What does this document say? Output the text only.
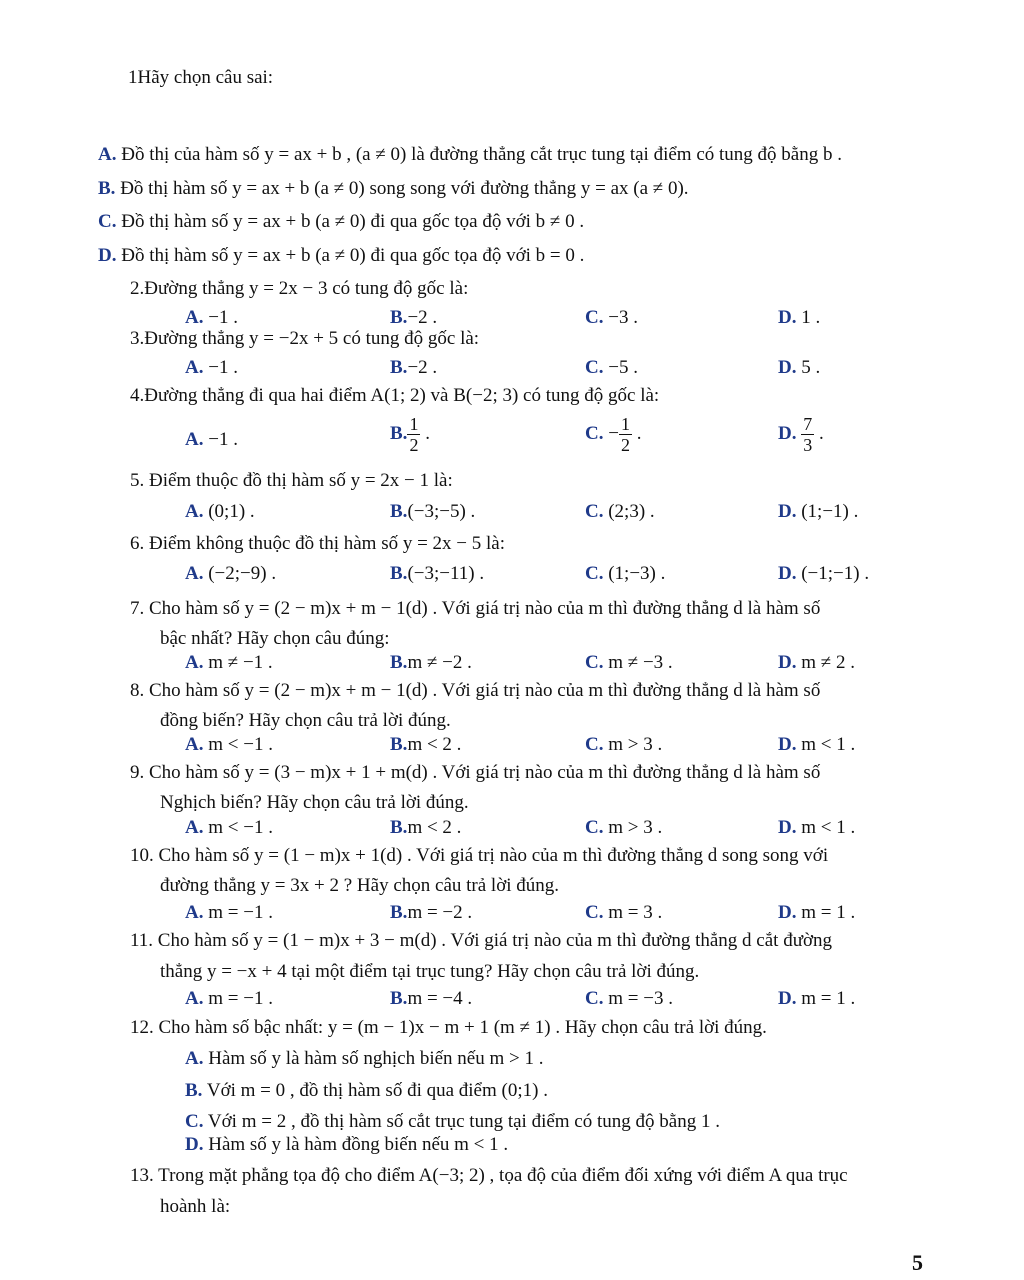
1Hãy chọn câu sai:
A. Đồ thị của hàm số y = ax + b , (a ≠ 0) là đường thẳng cắt trục tung tại điểm có tung độ bằng b .
B. Đồ thị hàm số y = ax + b (a ≠ 0) song song với đường thẳng y = ax (a ≠ 0).
C. Đồ thị hàm số y = ax + b (a ≠ 0) đi qua gốc tọa độ với b ≠ 0 .
D. Đồ thị hàm số y = ax + b (a ≠ 0) đi qua gốc tọa độ với b = 0 .
2.Đường thẳng y = 2x − 3 có tung độ gốc là:
A. −1 .	B.−2 .	C. −3 .	D. 1 .
3.Đường thẳng y = −2x + 5 có tung độ gốc là:
A. −1 .	B.−2 .	C. −5 .	D. 5 .
4.Đường thẳng đi qua hai điểm A(1; 2) và B(−2; 3) có tung độ gốc là:
A. −1 .	B. $\frac{1}{2}$ .	C. − $\frac{1}{2}$ .	D. $\frac{7}{3}$ .
5. Điểm thuộc đồ thị hàm số y = 2x − 1 là:
A. (0;1) .	B.(−3;−5) .	C. (2;3) .	D. (1;−1) .
6. Điểm không thuộc đồ thị hàm số y = 2x − 5 là:
A. (−2;−9) .	B.(−3;−11) .	C. (1;−3) .	D. (−1;−1) .
7. Cho hàm số y = (2 − m)x + m − 1(d) . Với giá trị nào của m thì đường thẳng d là hàm số
bậc nhất? Hãy chọn câu đúng:
A. m ≠ −1 .	B.m ≠ −2 .	C. m ≠ −3 .	D. m ≠ 2 .
8. Cho hàm số y = (2 − m)x + m − 1(d) . Với giá trị nào của m thì đường thẳng d là hàm số
đồng biến? Hãy chọn câu trả lời đúng.
A. m < −1 .	B.m < 2 .	C. m > 3 .	D. m < 1 .
9. Cho hàm số y = (3 − m)x + 1 + m(d) . Với giá trị nào của m thì đường thẳng d là hàm số
Nghịch biến? Hãy chọn câu trả lời đúng.
A. m < −1 .	B.m < 2 .	C. m > 3 .	D. m < 1 .
10. Cho hàm số y = (1 − m)x + 1(d) . Với giá trị nào của m thì đường thẳng d song song với
đường thẳng y = 3x + 2 ? Hãy chọn câu trả lời đúng.
A. m = −1 .	B.m = −2 .	C. m = 3 .	D. m = 1 .
11. Cho hàm số y = (1 − m)x + 3 − m(d) . Với giá trị nào của m thì đường thẳng d cắt đường
thẳng y = −x + 4 tại một điểm tại trục tung? Hãy chọn câu trả lời đúng.
A. m = −1 .	B.m = −4 .	C. m = −3 .	D. m = 1 .
12. Cho hàm số bậc nhất: y = (m − 1)x − m + 1 (m ≠ 1) . Hãy chọn câu trả lời đúng.
A. Hàm số y là hàm số nghịch biến nếu m > 1 .
B. Với m = 0 , đồ thị hàm số đi qua điểm (0;1) .
C. Với m = 2 , đồ thị hàm số cắt trục tung tại điểm có tung độ bằng 1 .
D. Hàm số y là hàm đồng biến nếu m < 1 .
13. Trong mặt phẳng tọa độ cho điểm A(−3; 2) , tọa độ của điểm đối xứng với điểm A qua trục
hoành là:
5
